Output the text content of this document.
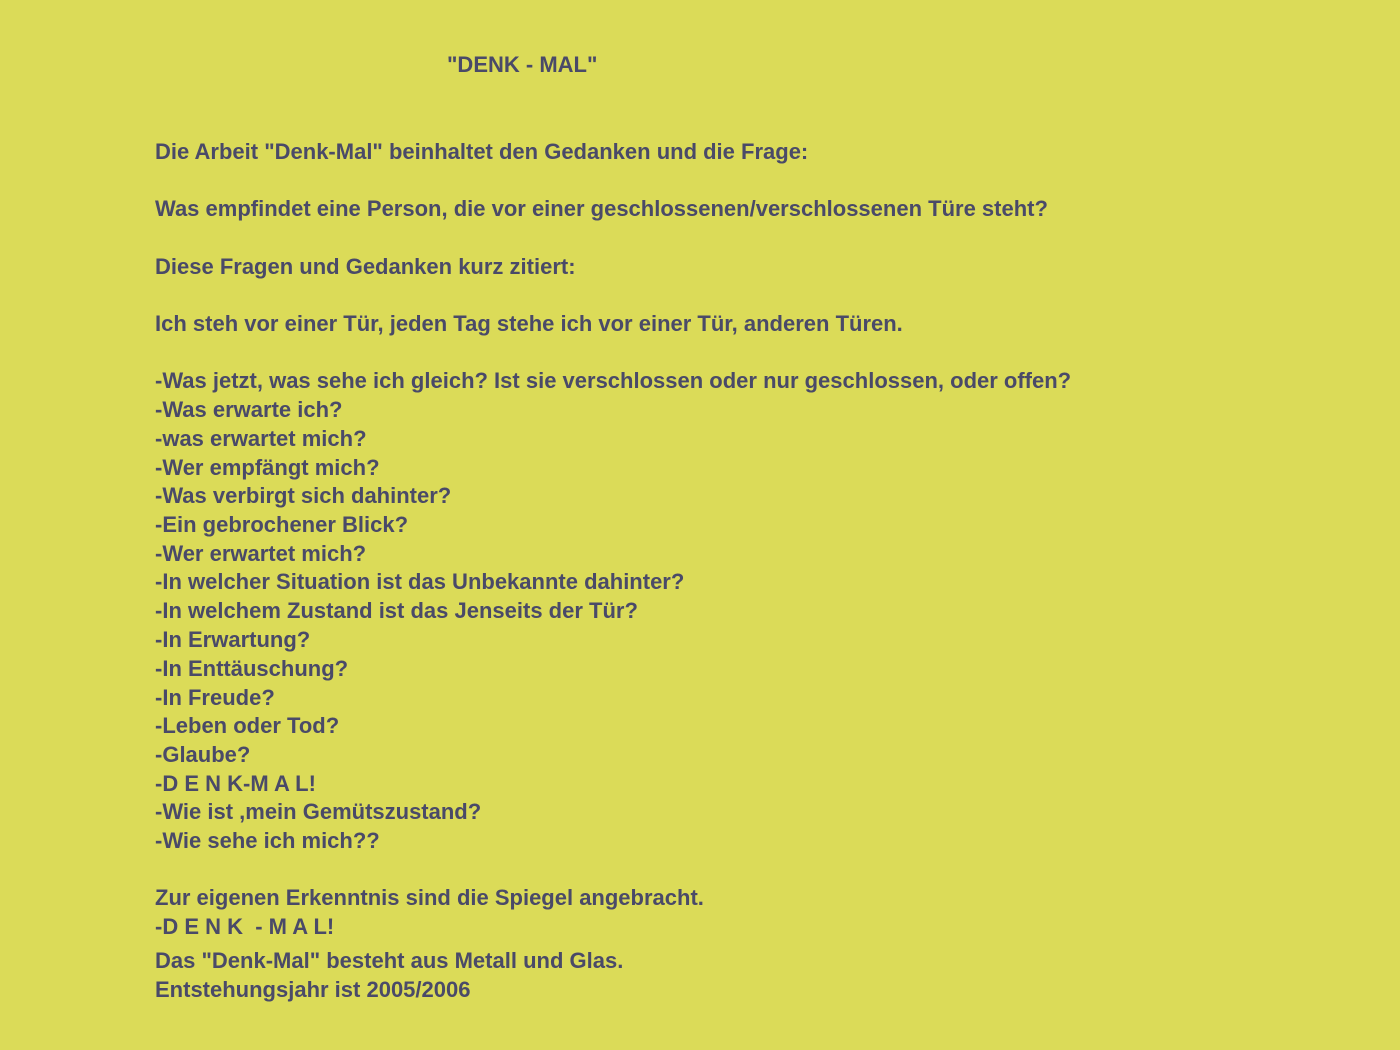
"DENK - MAL"
Die Arbeit "Denk-Mal" beinhaltet den Gedanken und die Frage:
Was empfindet eine Person, die vor einer geschlossenen/verschlossenen Türe steht?
Diese Fragen und Gedanken kurz zitiert:
Ich steh vor einer Tür, jeden Tag stehe ich vor einer Tür, anderen Türen.
-Was jetzt, was sehe ich gleich? Ist sie verschlossen oder nur geschlossen, oder offen?
-Was erwarte ich?
-was erwartet mich?
-Wer empfängt mich?
-Was verbirgt sich dahinter?
-Ein gebrochener Blick?
-Wer erwartet mich?
-In welcher Situation ist das Unbekannte dahinter?
-In welchem Zustand ist das Jenseits der Tür?
-In Erwartung?
-In Enttäuschung?
-In Freude?
-Leben oder Tod?
-Glaube?
-D E N K-M A L!
-Wie ist ,mein Gemütszustand?
-Wie sehe ich mich??
Zur eigenen Erkenntnis sind die Spiegel angebracht.
-D E N K  - M A L!
Das "Denk-Mal" besteht aus Metall und Glas.
Entstehungsjahr ist 2005/2006
